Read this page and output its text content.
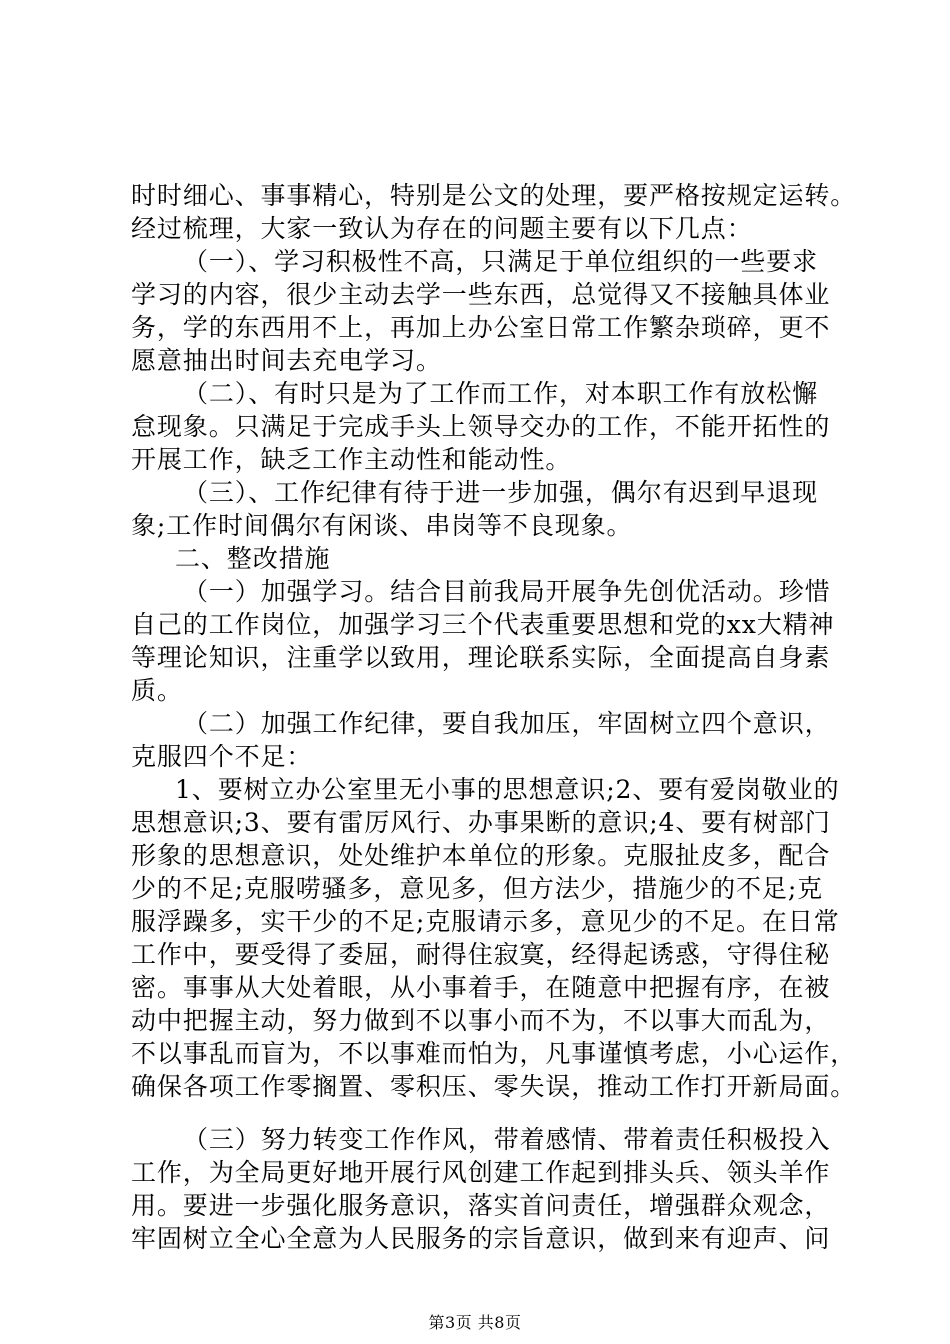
时时细心、事事精心，特别是公文的处理，要严格按规定运转。
经过梳理，大家一致认为存在的问题主要有以下几点：
（一）、学习积极性不高，只满足于单位组织的一些要求
学习的内容，很少主动去学一些东西，总觉得又不接触具体业
务，学的东西用不上，再加上办公室日常工作繁杂琐碎，更不
愿意抽出时间去充电学习。
（二）、有时只是为了工作而工作，对本职工作有放松懈
怠现象。只满足于完成手头上领导交办的工作，不能开拓性的
开展工作，缺乏工作主动性和能动性。
（三）、工作纪律有待于进一步加强，偶尔有迟到早退现
象;工作时间偶尔有闲谈、串岗等不良现象。
二、整改措施
（一）加强学习。结合目前我局开展争先创优活动。珍惜
自己的工作岗位，加强学习三个代表重要思想和党的xx大精神
等理论知识，注重学以致用，理论联系实际，全面提高自身素
质。
（二）加强工作纪律，要自我加压，牢固树立四个意识，
克服四个不足：
1、要树立办公室里无小事的思想意识;2、要有爱岗敬业的
思想意识;3、要有雷厉风行、办事果断的意识;4、要有树部门
形象的思想意识，处处维护本单位的形象。克服扯皮多，配合
少的不足;克服唠骚多，意见多，但方法少，措施少的不足;克
服浮躁多，实干少的不足;克服请示多，意见少的不足。在日常
工作中，要受得了委屈，耐得住寂寞，经得起诱惑，守得住秘
密。事事从大处着眼，从小事着手，在随意中把握有序，在被
动中把握主动，努力做到不以事小而不为，不以事大而乱为，
不以事乱而盲为，不以事难而怕为，凡事谨慎考虑，小心运作，
确保各项工作零搁置、零积压、零失误，推动工作打开新局面。
（三）努力转变工作作风，带着感情、带着责任积极投入
工作，为全局更好地开展行风创建工作起到排头兵、领头羊作
用。要进一步强化服务意识，落实首问责任，增强群众观念，
牢固树立全心全意为人民服务的宗旨意识，做到来有迎声、问
第3页 共8页
